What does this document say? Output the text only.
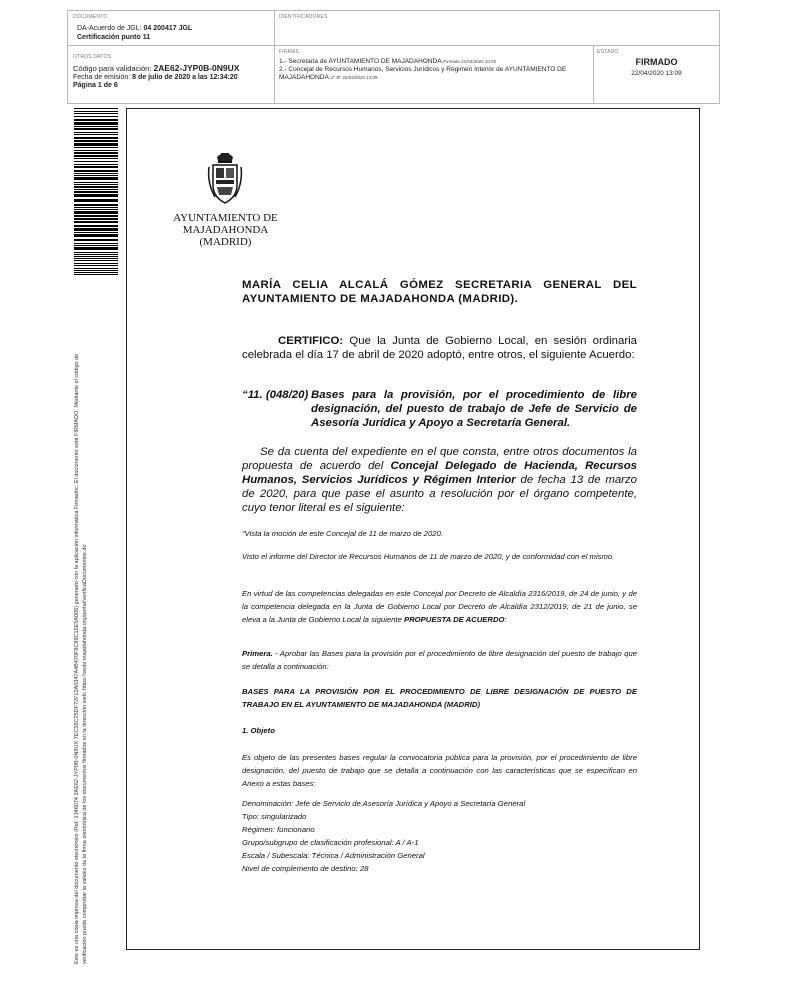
DOCUMENTO
DA-Acuerdo de JGL: 04 200417 JGL
Certificación punto 11
IDENTIFICADORES
OTROS DATOS
Código para validación: 2AE62-JYP0B-0N9UX
Fecha de emisión: 8 de julio de 2020 a las 12:34:20
Página 1 de 6
FIRMAS
1.- Secretaria de AYUNTAMIENTO DE MAJADAHONDA.Firmado 21/04/2020 10:32
2.- Concejal de Recursos Humanos, Servicios Jurídicos y Régimen Interior de AYUNTAMIENTO DE
MAJADAHONDA.Vº Bº 22/04/2020 13:09
ESTADO
FIRMADO
22/04/2020 13:09
Este es una copia impresa del documento electrónico (Ref: 1346074 2AE62-JYP0B-0N9UX 7EC56C25DF72F12A0347A4B470F8C99C15E5A006) generado con la aplicación informática Firmadoc. El documento está FIRMADO. Mediante el código de verificación puede comprobar la validez de la firma electrónica de los documentos firmados en la dirección web: https://sede.majadahonda.org/portal/verificaDocumentos.do
AYUNTAMIENTO DE
MAJADAHONDA
(MADRID)
MARÍA CELIA ALCALÁ GÓMEZ SECRETARIA GENERAL DEL AYUNTAMIENTO DE MAJADAHONDA (MADRID).
CERTIFICO: Que la Junta de Gobierno Local, en sesión ordinaria celebrada el día 17 de abril de 2020 adoptó, entre otros, el siguiente Acuerdo:
“11. (048/20) Bases para la provisión, por el procedimiento de libre designación, del puesto de trabajo de Jefe de Servicio de Asesoría Jurídica y Apoyo a Secretaría General.
Se da cuenta del expediente en el que consta, entre otros documentos la propuesta de acuerdo del Concejal Delegado de Hacienda, Recursos Humanos, Servicios Jurídicos y Régimen Interior de fecha 13 de marzo de 2020, para que pase el asunto a resolución por el órgano competente, cuyo tenor literal es el siguiente:
“Vista la moción de este Concejal de 11 de marzo de 2020.
Visto el informe del Director de Recursos Humanos de 11 de marzo de 2020, y de conformidad con el mismo.
En virtud de las competencias delegadas en este Concejal por Decreto de Alcaldía 2316/2019, de 24 de junio, y de la competencia delegada en la Junta de Gobierno Local por Decreto de Alcaldía 2312/2019, de 21 de junio, se eleva a la Junta de Gobierno Local la siguiente PROPUESTA DE ACUERDO:
Primera. - Aprobar las Bases para la provisión por el procedimiento de libre designación del puesto de trabajo que se detalla a continuación:
BASES PARA LA PROVISIÓN POR EL PROCEDIMIENTO DE LIBRE DESIGNACIÓN DE PUESTO DE TRABAJO EN EL AYUNTAMIENTO DE MAJADAHONDA (MADRID)
1. Objeto
Es objeto de las presentes bases regular la convocatoria pública para la provisión, por el procedimiento de libre designación, del puesto de trabajo que se detalla a continuación con las características que se especifican en Anexo a estas bases:
Denominación: Jefe de Servicio de Asesoría Jurídica y Apoyo a Secretaría General
Tipo: singularizado
Régimen: funcionario
Grupo/subgrupo de clasificación profesional: A / A-1
Escala / Subescala: Técnica / Administración General
Nivel de complemento de destino: 28
